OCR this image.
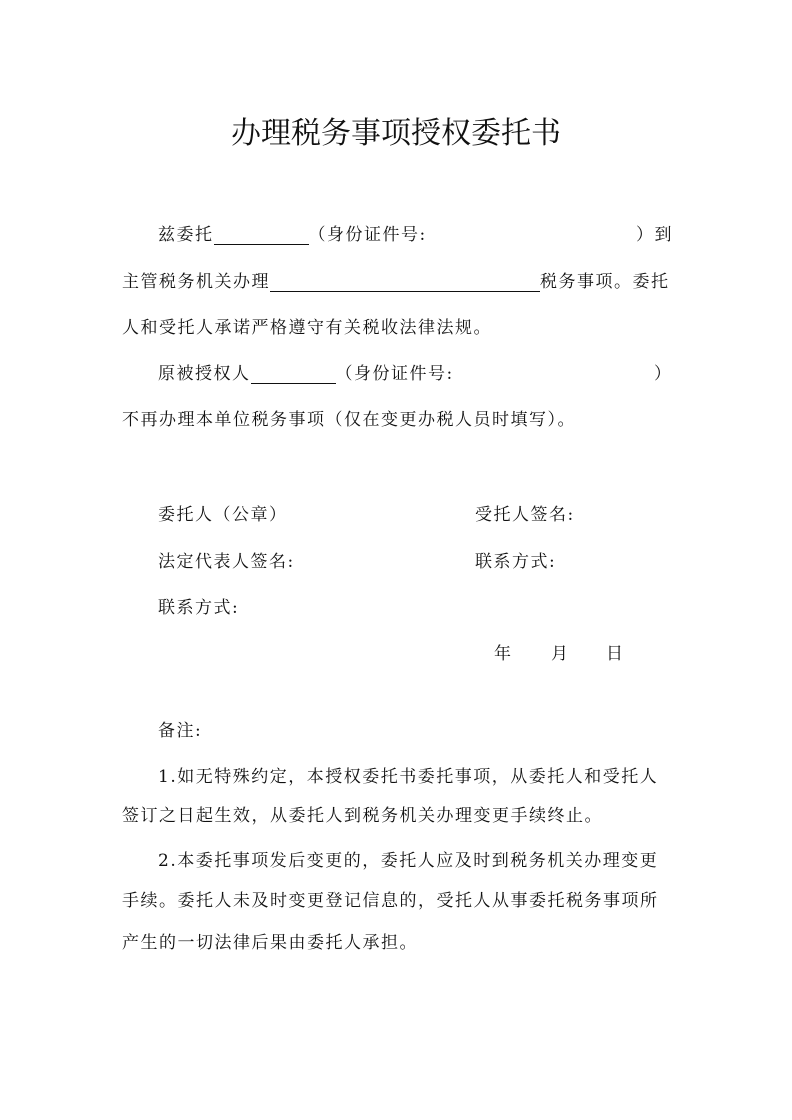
办理税务事项授权委托书
兹委托	（身份证件号:	）到
主管税务机关办理	税务事项。委托
人和受托人承诺严格遵守有关税收法律法规。
原被授权人	（身份证件号:	）
不再办理本单位税务事项（仅在变更办税人员时填写）。
委托人（公章）	受托人签名:
法定代表人签名:	联系方式:
联系方式:
年 月 日
备注:
1.如无特殊约定，本授权委托书委托事项，从委托人和受托人
签订之日起生效，从委托人到税务机关办理变更手续终止。
2.本委托事项发后变更的，委托人应及时到税务机关办理变更
手续。委托人未及时变更登记信息的，受托人从事委托税务事项所
产生的一切法律后果由委托人承担。
